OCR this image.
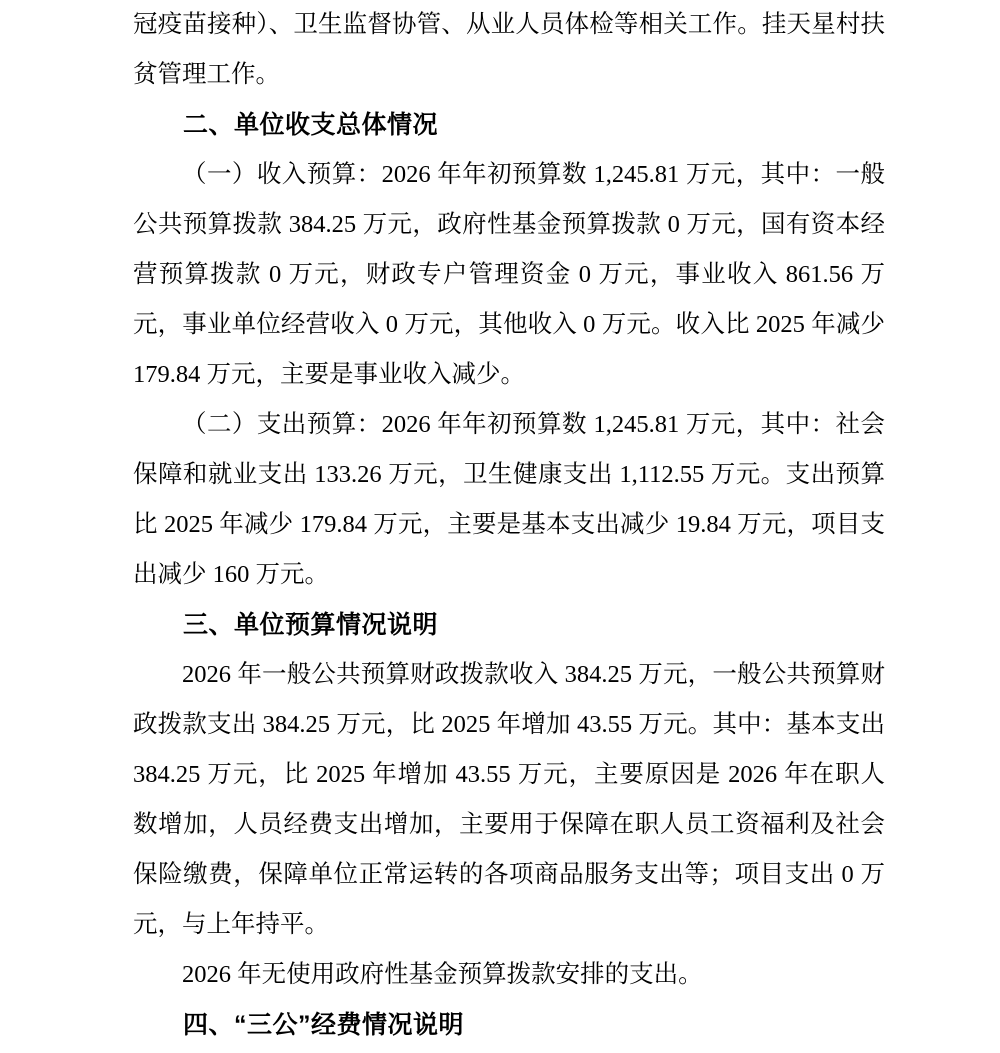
冠疫苗接种）、卫生监督协管、从业人员体检等相关工作。挂天星村扶贫管理工作。

二、单位收支总体情况

（一）收入预算：2026 年年初预算数 1,245.81 万元，其中：一般公共预算拨款 384.25 万元，政府性基金预算拨款 0 万元，国有资本经营预算拨款 0 万元，财政专户管理资金 0 万元，事业收入 861.56 万元，事业单位经营收入 0 万元，其他收入 0 万元。收入比 2025 年减少 179.84 万元，主要是事业收入减少。

（二）支出预算：2026 年年初预算数 1,245.81 万元，其中：社会保障和就业支出 133.26 万元，卫生健康支出 1,112.55 万元。支出预算比 2025 年减少 179.84 万元，主要是基本支出减少 19.84 万元，项目支出减少 160 万元。

三、单位预算情况说明

2026 年一般公共预算财政拨款收入 384.25 万元，一般公共预算财政拨款支出 384.25 万元，比 2025 年增加 43.55 万元。其中：基本支出 384.25 万元，比 2025 年增加 43.55 万元，主要原因是 2026 年在职人数增加，人员经费支出增加，主要用于保障在职人员工资福利及社会保险缴费，保障单位正常运转的各项商品服务支出等；项目支出 0 万元，与上年持平。

2026 年无使用政府性基金预算拨款安排的支出。

四、“三公”经费情况说明
